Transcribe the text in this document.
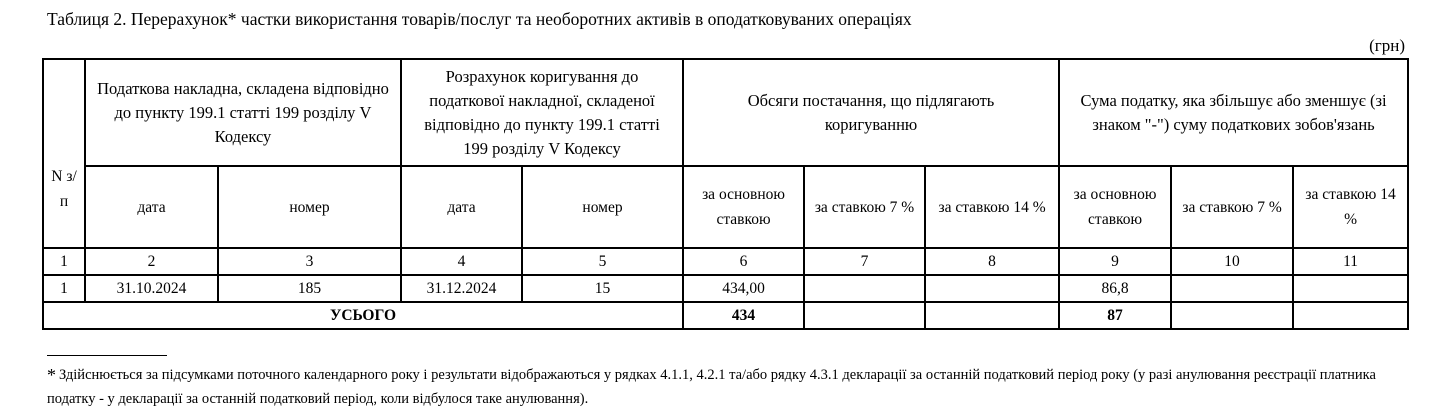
Таблиця 2. Перерахунок* частки використання товарів/послуг та необоротних активів в оподатковуваних операціях
(грн)
N з/п	Податкова накладна, складена відповідно до пункту 199.1 статті 199 розділу V Кодексу		Розрахунок коригування до податкової накладної, складеної відповідно до пункту 199.1 статті 199 розділу V Кодексу		Обсяги постачання, що підлягають коригуванню			Сума податку, яка збільшує або зменшує (зі знаком "-") суму податкових зобов'язань		
	дата	номер	дата	номер	за основною ставкою	за ставкою 7 %	за ставкою 14 %	за основною ставкою	за ставкою 7 %	за ставкою 14 %
1	2	3	4	5	6	7	8	9	10	11
1	31.10.2024	185	31.12.2024	15	434,00			86,8		
УСЬОГО					434			87		
* Здійснюється за підсумками поточного календарного року і результати відображаються у рядках 4.1.1, 4.2.1 та/або рядку 4.3.1 декларації за останній податковий період року (у разі анулювання реєстрації платника податку - у декларації за останній податковий період, коли відбулося таке анулювання).
